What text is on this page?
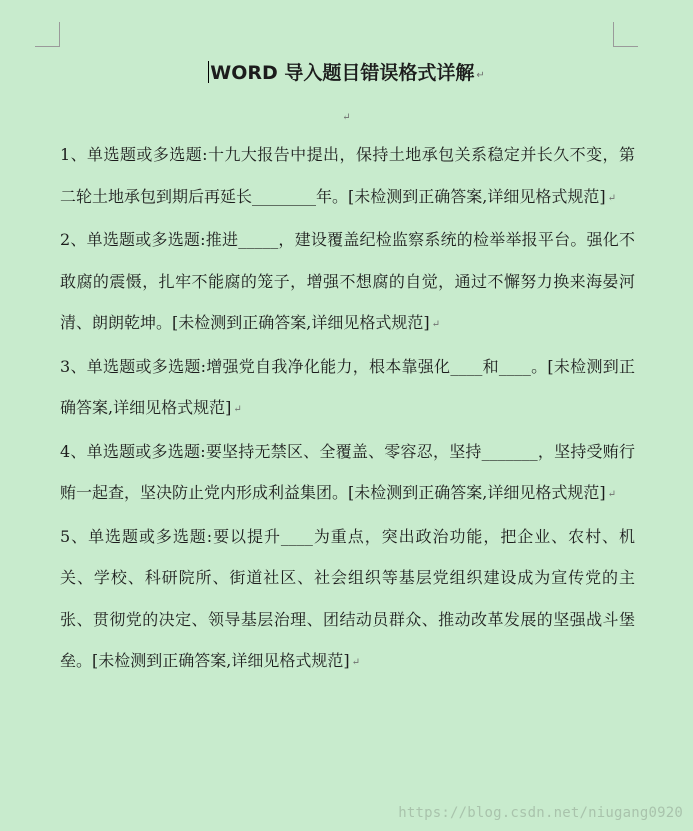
WORD 导入题目错误格式详解 ↵
↵

1、单选题或多选题:十九大报告中提出，保持土地承包关系稳定并长久不变，第二轮土地承包到期后再延长________年。[未检测到正确答案,详细见格式规范] ↵

2、单选题或多选题:推进_____，建设覆盖纪检监察系统的检举举报平台。强化不敢腐的震慑，扎牢不能腐的笼子，增强不想腐的自觉，通过不懈努力换来海晏河清、朗朗乾坤。[未检测到正确答案,详细见格式规范] ↵

3、单选题或多选题:增强党自我净化能力，根本靠强化____和____。[未检测到正确答案,详细见格式规范] ↵

4、单选题或多选题:要坚持无禁区、全覆盖、零容忍，坚持_______，坚持受贿行贿一起查，坚决防止党内形成利益集团。[未检测到正确答案,详细见格式规范] ↵

5、单选题或多选题:要以提升____为重点，突出政治功能，把企业、农村、机关、学校、科研院所、街道社区、社会组织等基层党组织建设成为宣传党的主张、贯彻党的决定、领导基层治理、团结动员群众、推动改革发展的坚强战斗堡垒。[未检测到正确答案,详细见格式规范] ↵

https://blog.csdn.net/niugang0920
